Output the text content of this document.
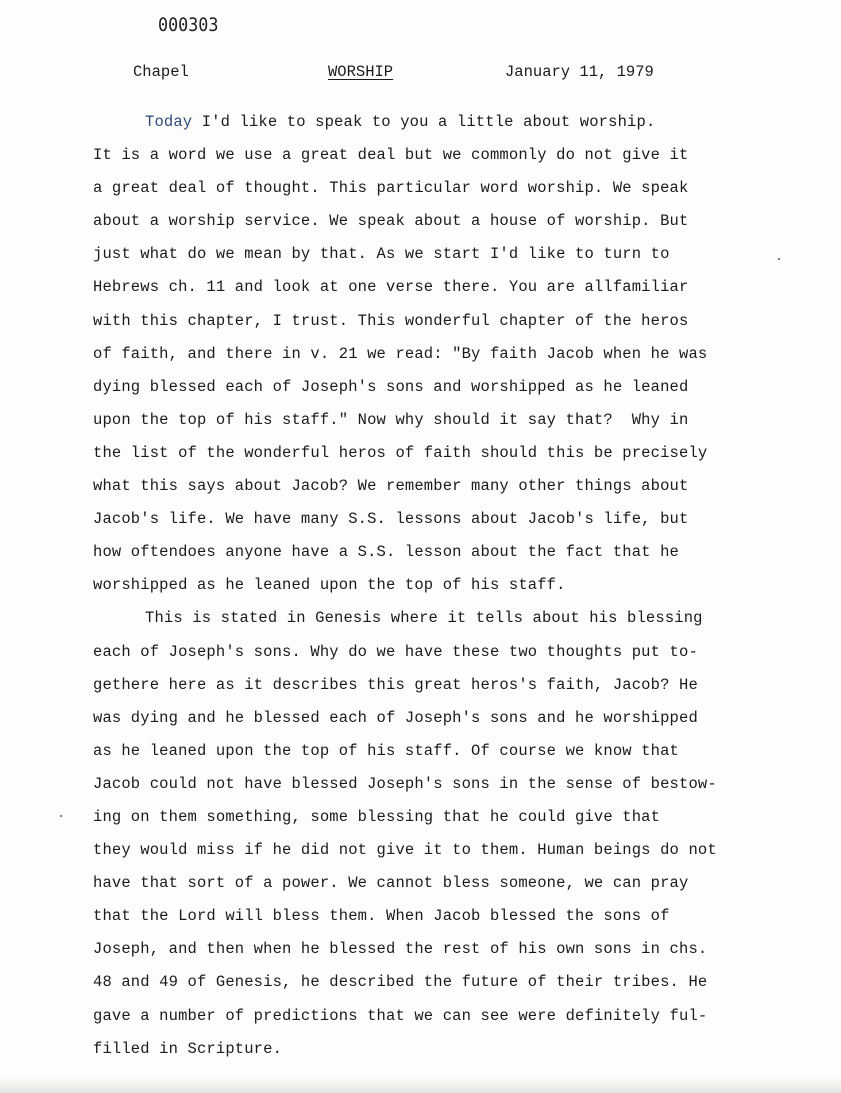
000303
Chapel	WORSHIP	January 11, 1979
Today I'd like to speak to you a little about worship.
It is a word we use a great deal but we commonly do not give it
a great deal of thought. This particular word worship. We speak
about a worship service. We speak about a house of worship. But
just what do we mean by that. As we start I'd like to turn to
Hebrews ch. 11 and look at one verse there. You are allfamiliar
with this chapter, I trust. This wonderful chapter of the heros
of faith, and there in v. 21 we read: "By faith Jacob when he was
dying blessed each of Joseph's sons and worshipped as he leaned
upon the top of his staff." Now why should it say that?  Why in
the list of the wonderful heros of faith should this be precisely
what this says about Jacob? We remember many other things about
Jacob's life. We have many S.S. lessons about Jacob's life, but
how oftendoes anyone have a S.S. lesson about the fact that he
worshipped as he leaned upon the top of his staff.
This is stated in Genesis where it tells about his blessing
each of Joseph's sons. Why do we have these two thoughts put to-
gethere here as it describes this great heros's faith, Jacob? He
was dying and he blessed each of Joseph's sons and he worshipped
as he leaned upon the top of his staff. Of course we know that
Jacob could not have blessed Joseph's sons in the sense of bestow-
ing on them something, some blessing that he could give that
they would miss if he did not give it to them. Human beings do not
have that sort of a power. We cannot bless someone, we can pray
that the Lord will bless them. When Jacob blessed the sons of
Joseph, and then when he blessed the rest of his own sons in chs.
48 and 49 of Genesis, he described the future of their tribes. He
gave a number of predictions that we can see were definitely ful-
filled in Scripture.
